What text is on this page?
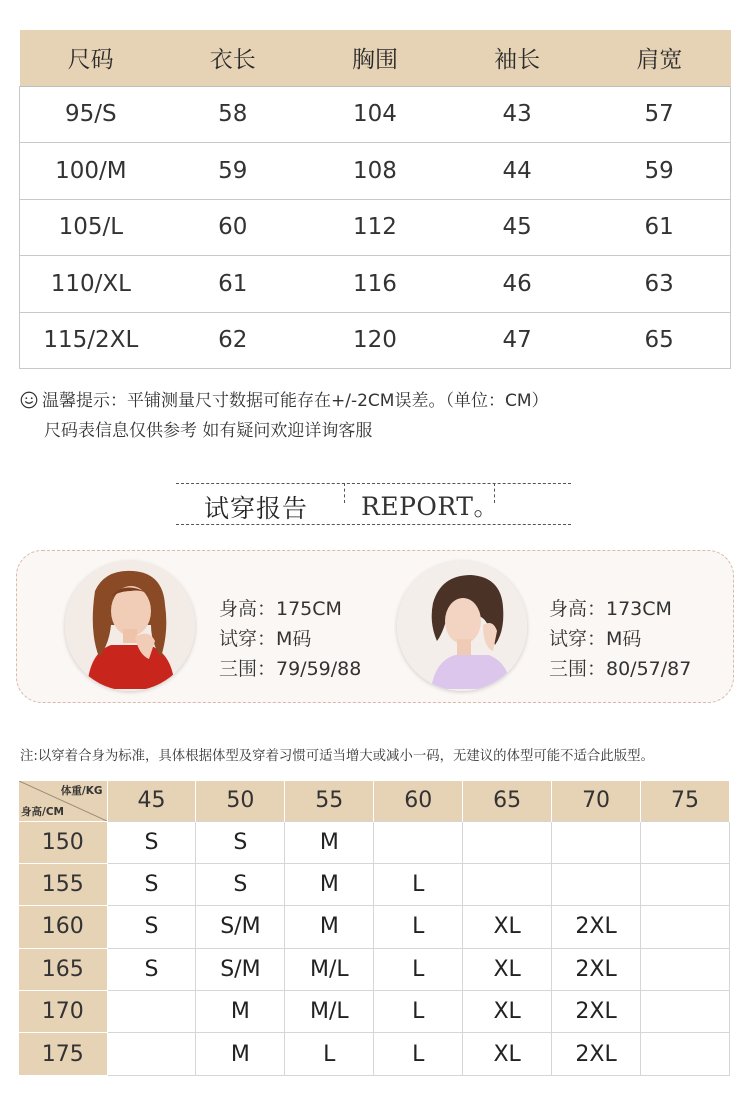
尺码	衣长	胸围	袖长	肩宽
95/S	58	104	43	57
100/M	59	108	44	59
105/L	60	112	45	61
110/XL	61	116	46	63
115/2XL	62	120	47	65
温馨提示：平铺测量尺寸数据可能存在+/-2CM误差。（单位：CM）
尺码表信息仅供参考 如有疑问欢迎详询客服
试穿报告 REPORT。
身高：175CM
试穿：M码
三围：79/59/88
身高：173CM
试穿：M码
三围：80/57/87
注:以穿着合身为标准，具体根据体型及穿着习惯可适当增大或减小一码，无建议的体型可能不适合此版型。
体重/KG
身高/CM	45	50	55	60	65	70	75
150	S	S	M				
155	S	S	M	L			
160	S	S/M	M	L	XL	2XL	
165	S	S/M	M/L	L	XL	2XL	
170		M	M/L	L	XL	2XL	
175		M	L	L	XL	2XL	
